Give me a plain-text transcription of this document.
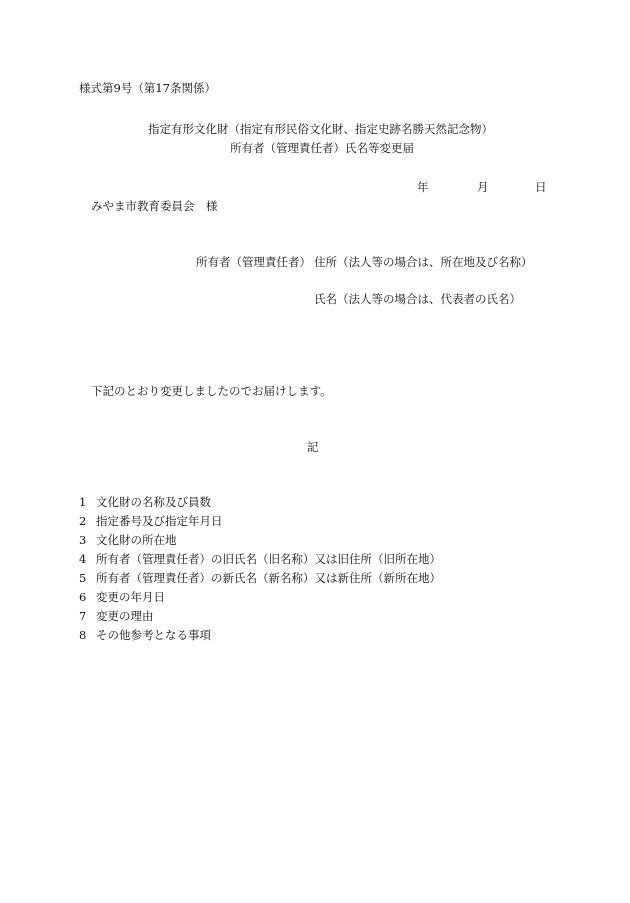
様式第9号（第17条関係）
指定有形文化財（指定有形民俗文化財、指定史跡名勝天然記念物）
所有者（管理責任者）氏名等変更届
年	月	日
みやま市教育委員会　様
所有者（管理責任者） 住所（法人等の場合は、所在地及び名称）
氏名（法人等の場合は、代表者の氏名）
下記のとおり変更しましたのでお届けします。
記
1 文化財の名称及び員数
2 指定番号及び指定年月日
3 文化財の所在地
4 所有者（管理責任者）の旧氏名（旧名称）又は旧住所（旧所在地）
5 所有者（管理責任者）の新氏名（新名称）又は新住所（新所在地）
6 変更の年月日
7 変更の理由
8 その他参考となる事項
